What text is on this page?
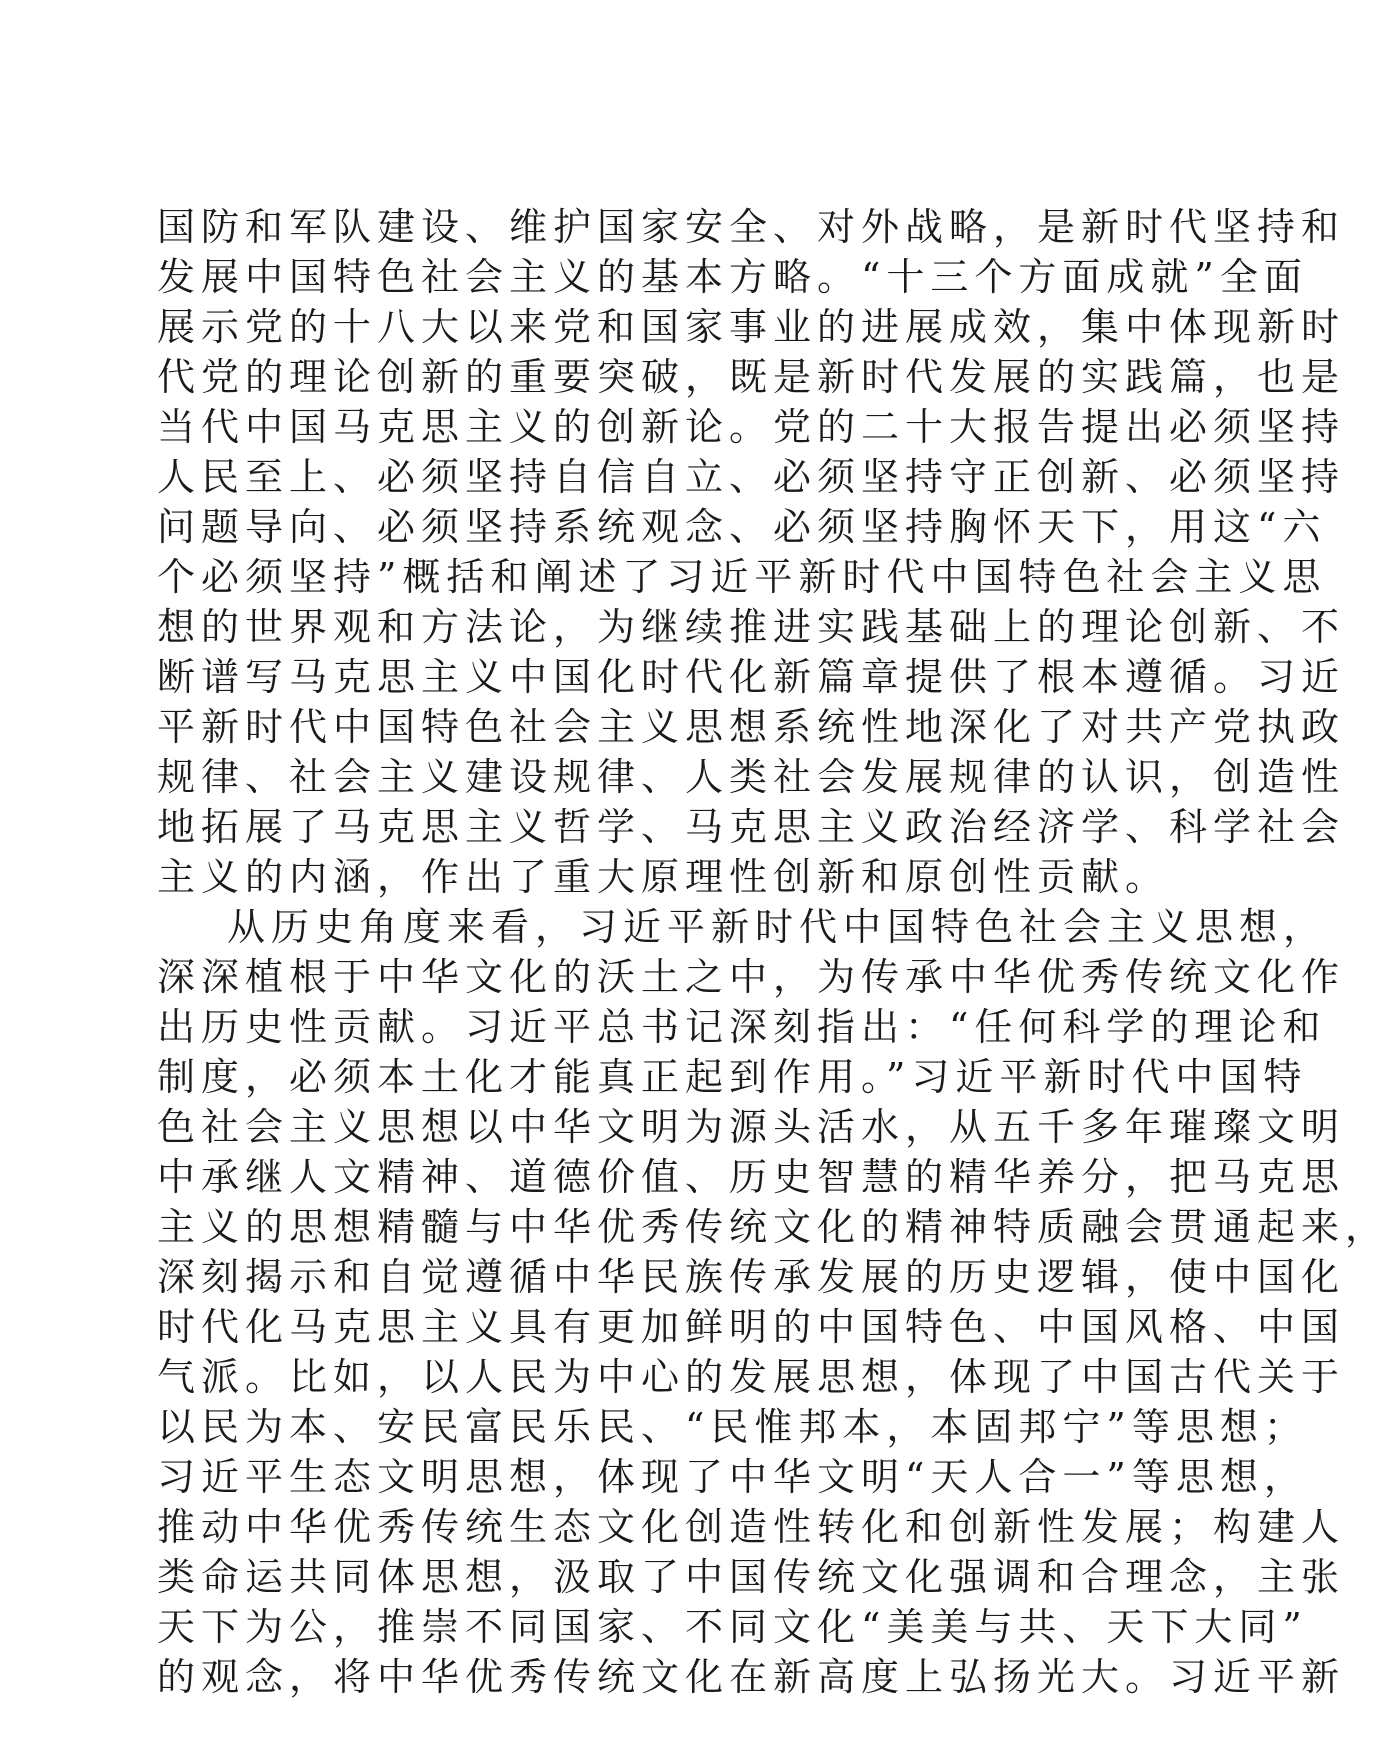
国防和军队建设、维护国家安全、对外战略，是新时代坚持和
发展中国特色社会主义的基本方略。“十三个方面成就”全面
展示党的十八大以来党和国家事业的进展成效，集中体现新时
代党的理论创新的重要突破，既是新时代发展的实践篇，也是
当代中国马克思主义的创新论。党的二十大报告提出必须坚持
人民至上、必须坚持自信自立、必须坚持守正创新、必须坚持
问题导向、必须坚持系统观念、必须坚持胸怀天下，用这“六
个必须坚持”概括和阐述了习近平新时代中国特色社会主义思
想的世界观和方法论，为继续推进实践基础上的理论创新、不
断谱写马克思主义中国化时代化新篇章提供了根本遵循。习近
平新时代中国特色社会主义思想系统性地深化了对共产党执政
规律、社会主义建设规律、人类社会发展规律的认识，创造性
地拓展了马克思主义哲学、马克思主义政治经济学、科学社会
主义的内涵，作出了重大原理性创新和原创性贡献。
从历史角度来看，习近平新时代中国特色社会主义思想，
深深植根于中华文化的沃土之中，为传承中华优秀传统文化作
出历史性贡献。习近平总书记深刻指出：“任何科学的理论和
制度，必须本土化才能真正起到作用。”习近平新时代中国特
色社会主义思想以中华文明为源头活水，从五千多年璀璨文明
中承继人文精神、道德价值、历史智慧的精华养分，把马克思
主义的思想精髓与中华优秀传统文化的精神特质融会贯通起来，
深刻揭示和自觉遵循中华民族传承发展的历史逻辑，使中国化
时代化马克思主义具有更加鲜明的中国特色、中国风格、中国
气派。比如，以人民为中心的发展思想，体现了中国古代关于
以民为本、安民富民乐民、“民惟邦本，本固邦宁”等思想；
习近平生态文明思想，体现了中华文明“天人合一”等思想，
推动中华优秀传统生态文化创造性转化和创新性发展；构建人
类命运共同体思想，汲取了中国传统文化强调和合理念，主张
天下为公，推崇不同国家、不同文化“美美与共、天下大同”
的观念，将中华优秀传统文化在新高度上弘扬光大。习近平新
